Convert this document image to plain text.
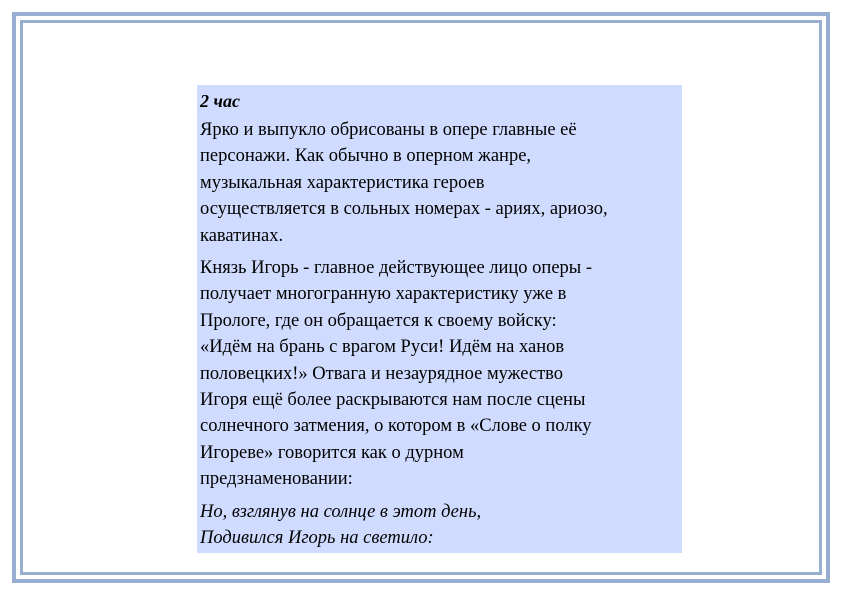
2 час
Ярко и выпукло обрисованы в опере главные её
персонажи. Как обычно в оперном жанре,
музыкальная характеристика героев
осуществляется в сольных номерах - ариях, ариозо,
каватинах.
Князь Игорь - главное действующее лицо оперы -
получает многогранную характеристику уже в
Прологе, где он обращается к своему войску:
«Идём на брань с врагом Руси! Идём на ханов
половецких!» Отвага и незаурядное мужество
Игоря ещё более раскрываются нам после сцены
солнечного затмения, о котором в «Слове о полку
Игореве» говорится как о дурном
предзнаменовании:
Но, взглянув на солнце в этот день,
Подивился Игорь на светило:
